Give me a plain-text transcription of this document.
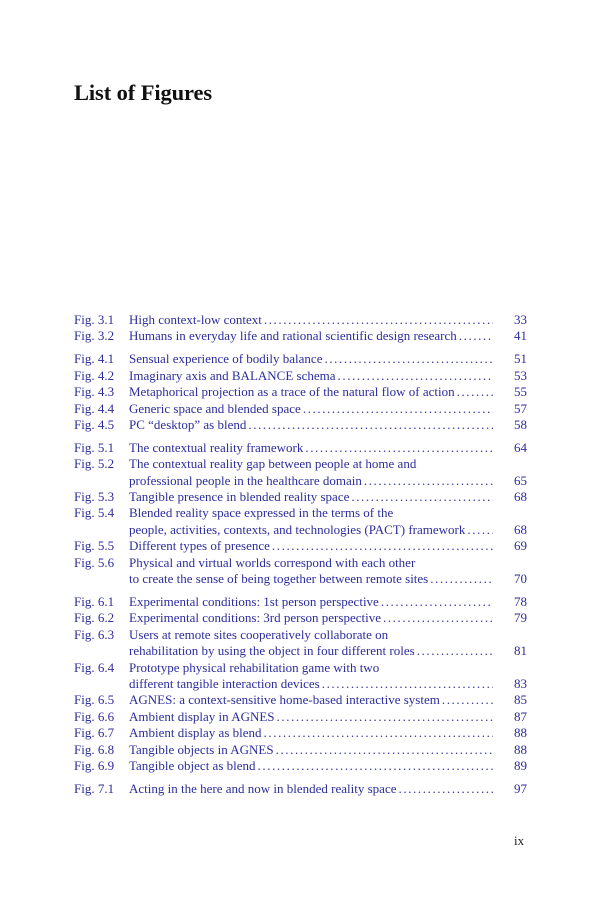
List of Figures
Fig. 3.1	High context-low context .....	33
Fig. 3.2	Humans in everyday life and rational scientific design research .....	41
Fig. 4.1	Sensual experience of bodily balance .....	51
Fig. 4.2	Imaginary axis and BALANCE schema .....	53
Fig. 4.3	Metaphorical projection as a trace of the natural flow of action .....	55
Fig. 4.4	Generic space and blended space .....	57
Fig. 4.5	PC “desktop” as blend .....	58
Fig. 5.1	The contextual reality framework .....	64
Fig. 5.2	The contextual reality gap between people at home and
professional people in the healthcare domain .....	65
Fig. 5.3	Tangible presence in blended reality space .....	68
Fig. 5.4	Blended reality space expressed in the terms of the
people, activities, contexts, and technologies (PACT) framework .....	68
Fig. 5.5	Different types of presence .....	69
Fig. 5.6	Physical and virtual worlds correspond with each other
to create the sense of being together between remote sites .....	70
Fig. 6.1	Experimental conditions: 1st person perspective .....	78
Fig. 6.2	Experimental conditions: 3rd person perspective .....	79
Fig. 6.3	Users at remote sites cooperatively collaborate on
rehabilitation by using the object in four different roles .....	81
Fig. 6.4	Prototype physical rehabilitation game with two
different tangible interaction devices .....	83
Fig. 6.5	AGNES: a context-sensitive home-based interactive system .....	85
Fig. 6.6	Ambient display in AGNES .....	87
Fig. 6.7	Ambient display as blend .....	88
Fig. 6.8	Tangible objects in AGNES .....	88
Fig. 6.9	Tangible object as blend .....	89
Fig. 7.1	Acting in the here and now in blended reality space .....	97
ix
